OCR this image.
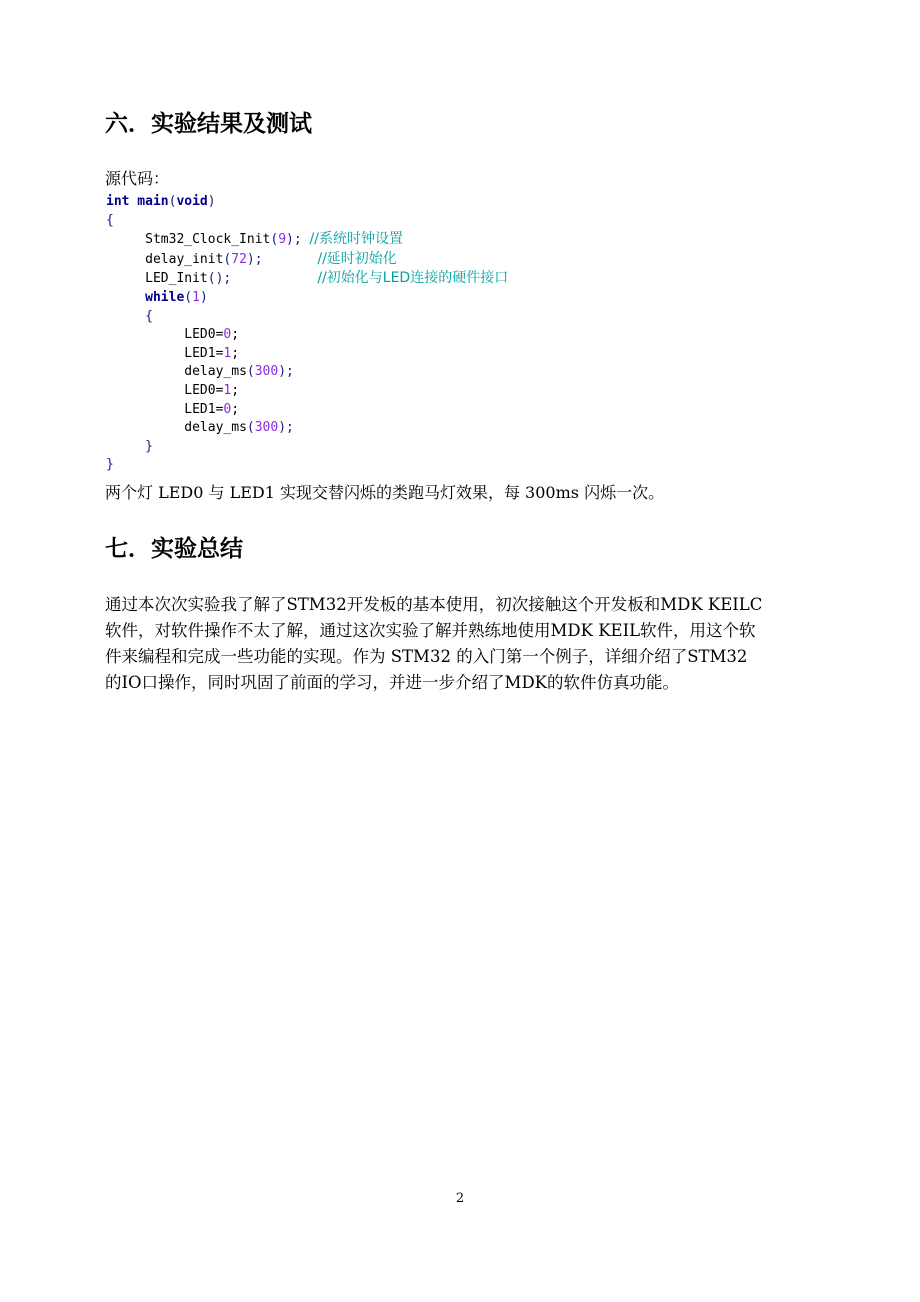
六．实验结果及测试
源代码：
int main(void)
{
Stm32_Clock_Init(9); //系统时钟设置
delay_init(72);	//延时初始化
LED_Init();	//初始化与LED连接的硬件接口
while(1)
{
LED0=0;
LED1=1;
delay_ms(300);
LED0=1;
LED1=0;
delay_ms(300);
}
}
两个灯 LED0 与 LED1 实现交替闪烁的类跑马灯效果，每 300ms 闪烁一次。
七．实验总结

通过本次次实验我了解了STM32开发板的基本使用，初次接触这个开发板和MDK KEILC
软件，对软件操作不太了解，通过这次实验了解并熟练地使用MDK KEIL软件，用这个软
件来编程和完成一些功能的实现。作为 STM32 的入门第一个例子，详细介绍了STM32
的IO口操作，同时巩固了前面的学习，并进一步介绍了MDK的软件仿真功能。

2
